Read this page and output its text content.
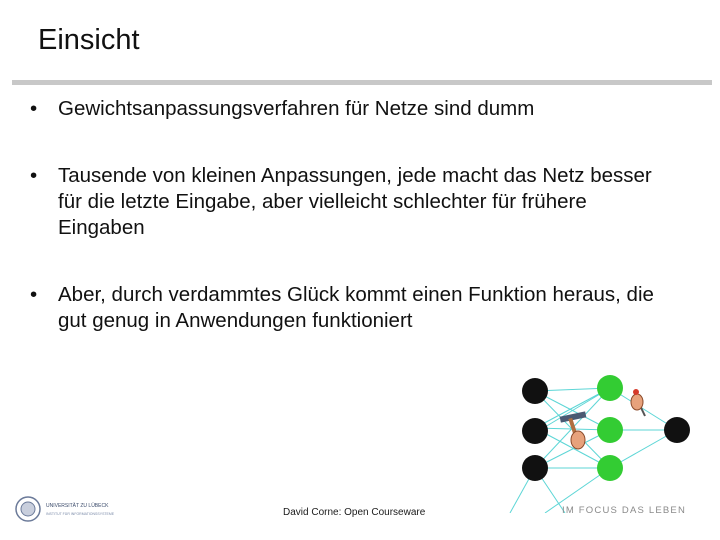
Einsicht
• Gewichtsanpassungsverfahren für Netze sind dumm
• Tausende von kleinen Anpassungen, jede macht das Netz besser für die letzte Eingabe, aber vielleicht schlechter für frühere Eingaben
• Aber, durch verdammtes Glück kommt einen Funktion heraus, die gut genug in Anwendungen funktioniert
UNIVERSITÄT ZU LÜBECK
INSTITUT FÜR INFORMATIONSSYSTEME	David Corne: Open Courseware	IM FOCUS DAS LEBEN
